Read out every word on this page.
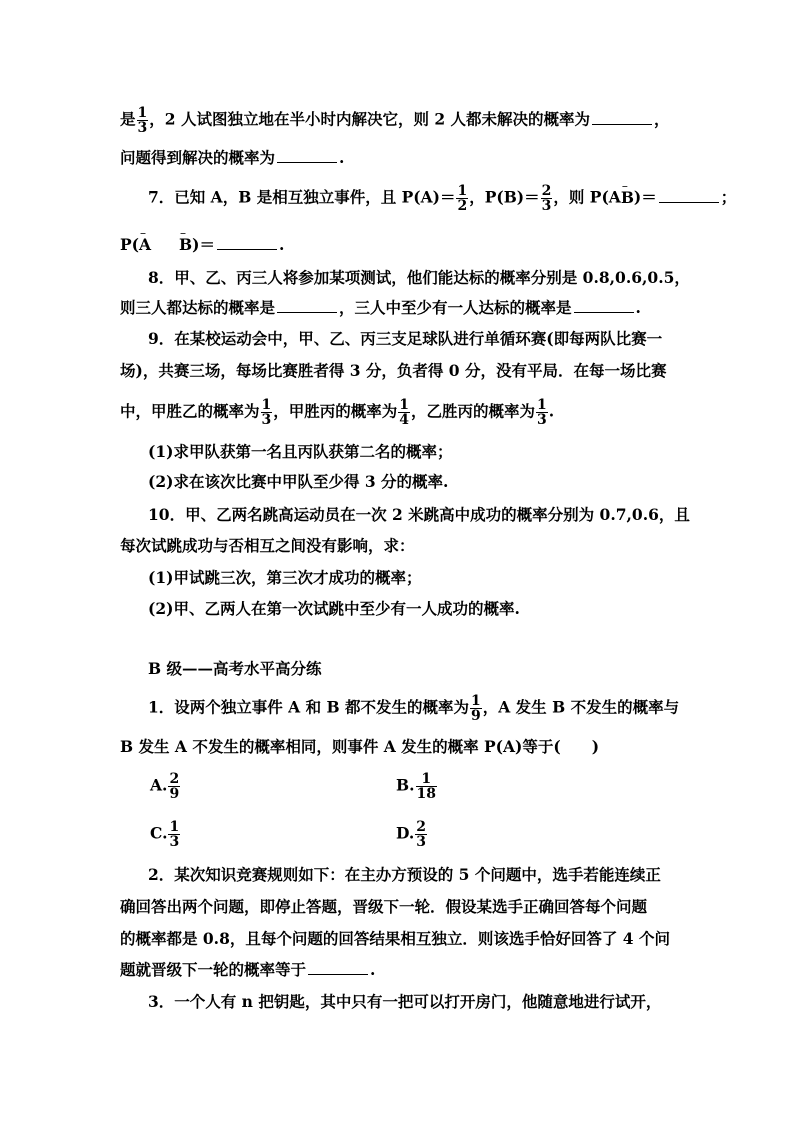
是 $\frac{1}{3}$ ，2 人试图独立地在半小时内解决它，则 2 人都未解决的概率为	，
问题得到解决的概率为	.
7．已知 A，B 是相互独立事件，且 $P(A)= \frac{1}{2}$ ，$P(B)= \frac{2}{3}$ ，则 P(A– B)＝	；
P(– A– B)＝	.
8．甲、乙、丙三人将参加某项测试，他们能达标的概率分别是 0.8,0.6,0.5，
则三人都达标的概率是	，三人中至少有一人达标的概率是	.
9．在某校运动会中，甲、乙、丙三支足球队进行单循环赛(即每两队比赛一
场)，共赛三场，每场比赛胜者得 3 分，负者得 0 分，没有平局．在每一场比赛
中，甲胜乙的概率为 $\frac{1}{3}$ ，甲胜丙的概率为 $\frac{1}{4}$ ，乙胜丙的概率为 $\frac{1}{3}$ .
(1)求甲队获第一名且丙队获第二名的概率；
(2)求在该次比赛中甲队至少得 3 分的概率.
10．甲、乙两名跳高运动员在一次 2 米跳高中成功的概率分别为 0.7,0.6，且
每次试跳成功与否相互之间没有影响，求：
(1)甲试跳三次，第三次才成功的概率；
(2)甲、乙两人在第一次试跳中至少有一人成功的概率.
B 级——高考水平高分练
1．设两个独立事件 A 和 B 都不发生的概率为 $\frac{1}{9}$ ，A 发生 B 不发生的概率与
B 发生 A 不发生的概率相同，则事件 A 发生的概率 P(A)等于(　　)
A. $\frac{2}{9}$	B. $\frac{1}{18}$
C. $\frac{1}{3}$	D. $\frac{2}{3}$
2．某次知识竞赛规则如下：在主办方预设的 5 个问题中，选手若能连续正
确回答出两个问题，即停止答题，晋级下一轮．假设某选手正确回答每个问题
的概率都是 0.8，且每个问题的回答结果相互独立．则该选手恰好回答了 4 个问
题就晋级下一轮的概率等于	.
3．一个人有 n 把钥匙，其中只有一把可以打开房门，他随意地进行试开，
